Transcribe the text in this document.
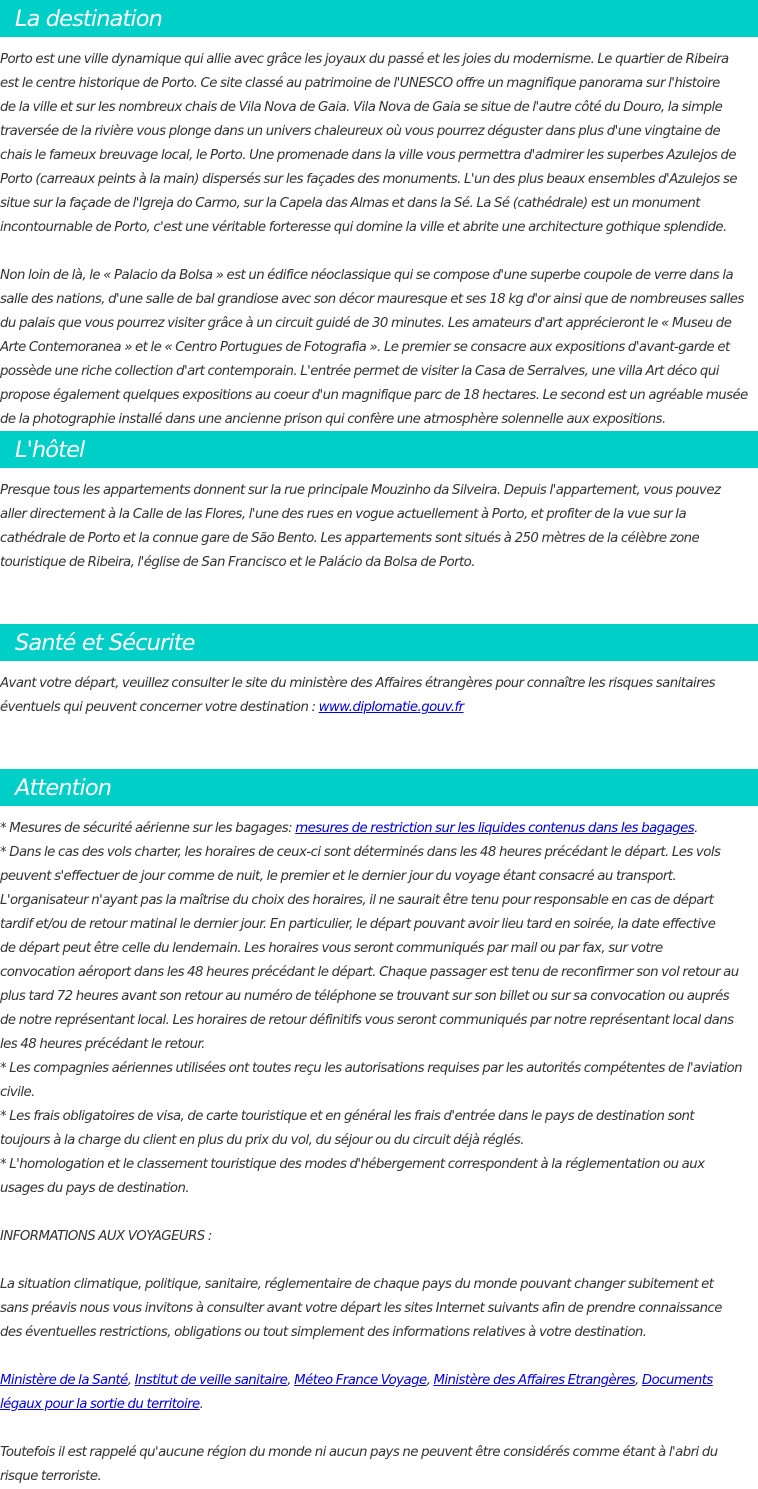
La destination
Porto est une ville dynamique qui allie avec grâce les joyaux du passé et les joies du modernisme. Le quartier de Ribeira
est le centre historique de Porto. Ce site classé au patrimoine de l'UNESCO offre un magnifique panorama sur l'histoire
de la ville et sur les nombreux chais de Vila Nova de Gaia. Vila Nova de Gaia se situe de l'autre côté du Douro, la simple
traversée de la rivière vous plonge dans un univers chaleureux où vous pourrez déguster dans plus d'une vingtaine de
chais le fameux breuvage local, le Porto. Une promenade dans la ville vous permettra d'admirer les superbes Azulejos de
Porto (carreaux peints à la main) dispersés sur les façades des monuments. L'un des plus beaux ensembles d'Azulejos se
situe sur la façade de l'Igreja do Carmo, sur la Capela das Almas et dans la Sé. La Sé (cathédrale) est un monument
incontournable de Porto, c'est une véritable forteresse qui domine la ville et abrite une architecture gothique splendide.
Non loin de là, le « Palacio da Bolsa » est un édifice néoclassique qui se compose d'une superbe coupole de verre dans la
salle des nations, d'une salle de bal grandiose avec son décor mauresque et ses 18 kg d'or ainsi que de nombreuses salles
du palais que vous pourrez visiter grâce à un circuit guidé de 30 minutes. Les amateurs d'art apprécieront le « Museu de
Arte Contemoranea » et le « Centro Portugues de Fotografia ». Le premier se consacre aux expositions d'avant-garde et
possède une riche collection d'art contemporain. L'entrée permet de visiter la Casa de Serralves, une villa Art déco qui
propose également quelques expositions au coeur d'un magnifique parc de 18 hectares. Le second est un agréable musée
de la photographie installé dans une ancienne prison qui confère une atmosphère solennelle aux expositions.
L'hôtel
Presque tous les appartements donnent sur la rue principale Mouzinho da Silveira. Depuis l'appartement, vous pouvez
aller directement à la Calle de las Flores, l'une des rues en vogue actuellement à Porto, et profiter de la vue sur la
cathédrale de Porto et la connue gare de São Bento. Les appartements sont situés à 250 mètres de la célèbre zone
touristique de Ribeira, l'église de San Francisco et le Palácio da Bolsa de Porto.
Santé et Sécurite
Avant votre départ, veuillez consulter le site du ministère des Affaires étrangères pour connaître les risques sanitaires
éventuels qui peuvent concerner votre destination : www.diplomatie.gouv.fr
Attention
* Mesures de sécurité aérienne sur les bagages: mesures de restriction sur les liquides contenus dans les bagages.
* Dans le cas des vols charter, les horaires de ceux-ci sont déterminés dans les 48 heures précédant le départ. Les vols
peuvent s'effectuer de jour comme de nuit, le premier et le dernier jour du voyage étant consacré au transport.
L'organisateur n'ayant pas la maîtrise du choix des horaires, il ne saurait être tenu pour responsable en cas de départ
tardif et/ou de retour matinal le dernier jour. En particulier, le départ pouvant avoir lieu tard en soirée, la date effective
de départ peut être celle du lendemain. Les horaires vous seront communiqués par mail ou par fax, sur votre
convocation aéroport dans les 48 heures précédant le départ. Chaque passager est tenu de reconfirmer son vol retour au
plus tard 72 heures avant son retour au numéro de téléphone se trouvant sur son billet ou sur sa convocation ou auprés
de notre représentant local. Les horaires de retour définitifs vous seront communiqués par notre représentant local dans
les 48 heures précédant le retour.
* Les compagnies aériennes utilisées ont toutes reçu les autorisations requises par les autorités compétentes de l'aviation
civile.
* Les frais obligatoires de visa, de carte touristique et en général les frais d'entrée dans le pays de destination sont
toujours à la charge du client en plus du prix du vol, du séjour ou du circuit déjà réglés.
* L'homologation et le classement touristique des modes d'hébergement correspondent à la réglementation ou aux
usages du pays de destination.
INFORMATIONS AUX VOYAGEURS :
La situation climatique, politique, sanitaire, réglementaire de chaque pays du monde pouvant changer subitement et
sans préavis nous vous invitons à consulter avant votre départ les sites Internet suivants afin de prendre connaissance
des éventuelles restrictions, obligations ou tout simplement des informations relatives à votre destination.
Ministère de la Santé, Institut de veille sanitaire, Méteo France Voyage, Ministère des Affaires Etrangères, Documents
légaux pour la sortie du territoire.
Toutefois il est rappelé qu'aucune région du monde ni aucun pays ne peuvent être considérés comme étant à l'abri du
risque terroriste.
